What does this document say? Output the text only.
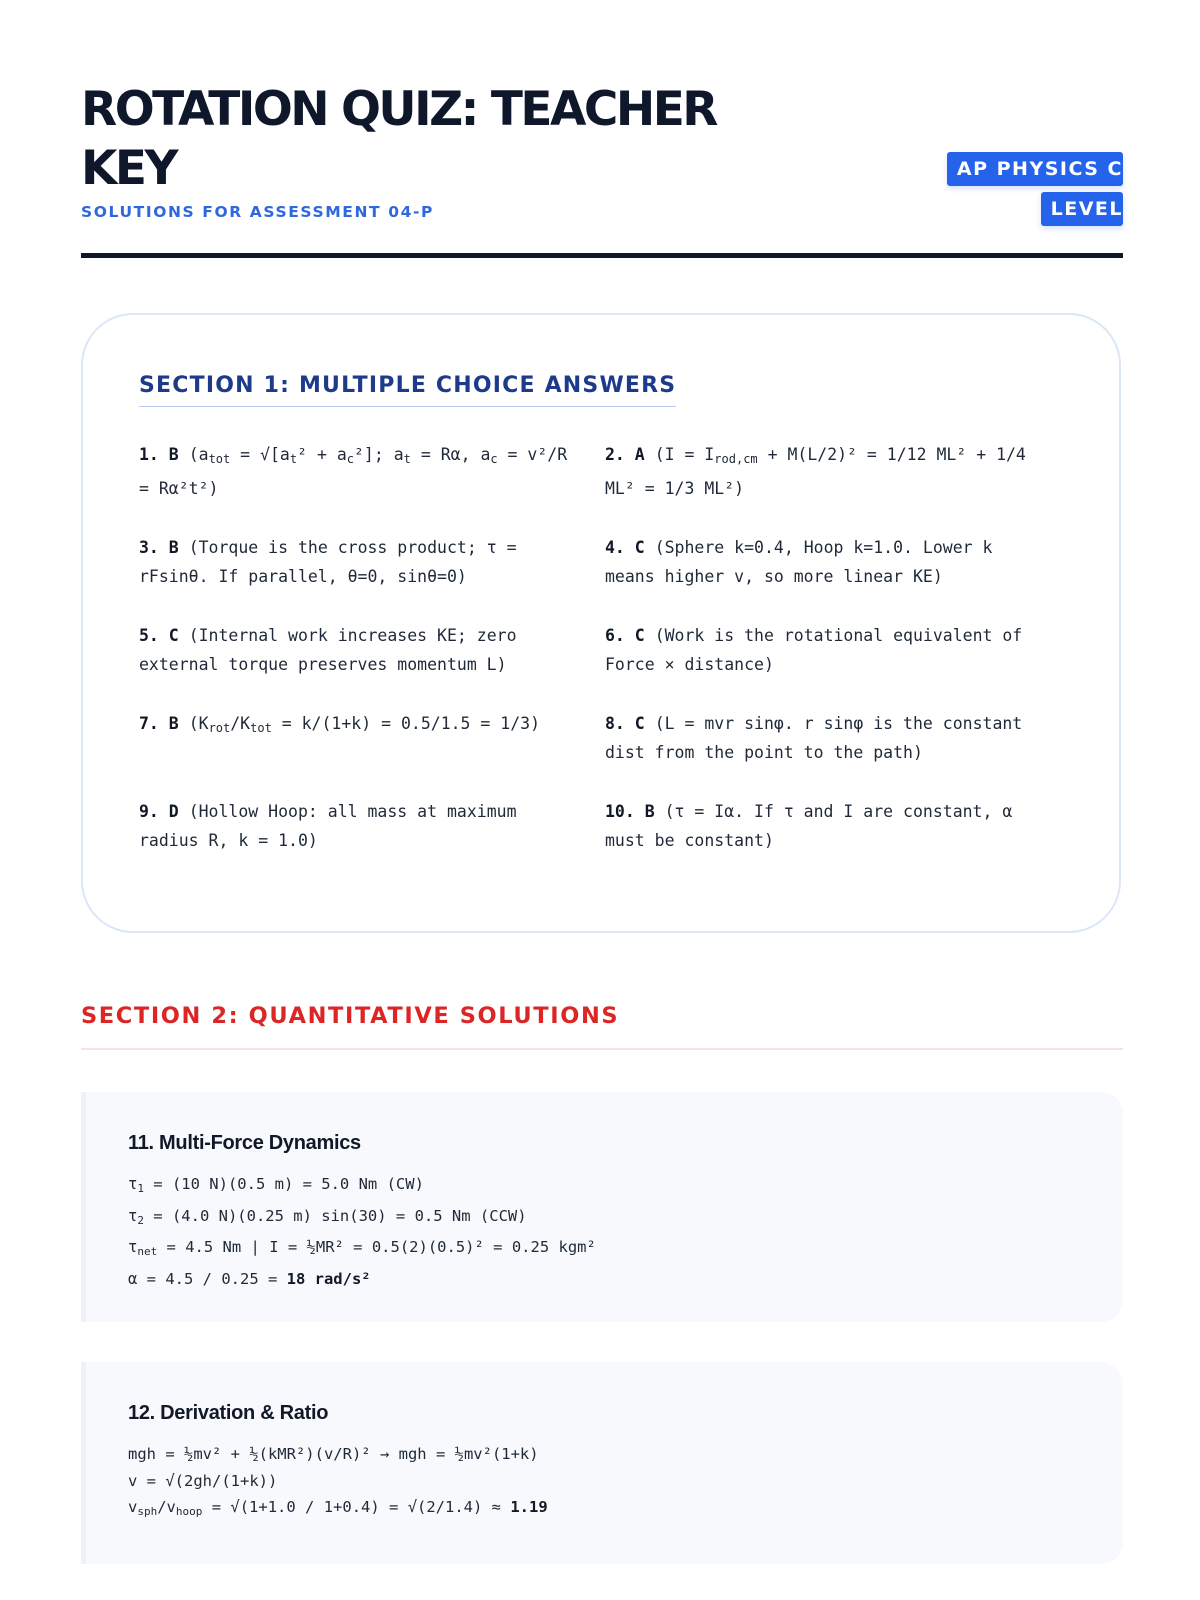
ROTATION QUIZ: TEACHER KEY
SOLUTIONS FOR ASSESSMENT 04-P
AP PHYSICS C LEVEL
SECTION 1: MULTIPLE CHOICE ANSWERS
1. B ($a_{tot} = √[a_t^2 + a_c^2]$; $a_t = R\alpha$, $a_c = v^2/R = R\alpha^2t^2$)
2. A ($I = I_{rod,cm} + M(L/2)^2 = 1/12$ ML² + 1/4 ML² = 1/3 ML²)
3. B (Torque is the cross product; τ = rFsinθ. If parallel, θ=0, sinθ=0)
4. C (Sphere k=0.4, Hoop k=1.0. Lower k means higher v, so more linear KE)
5. C (Internal work increases KE; zero external torque preserves momentum L)
6. C (Work is the rotational equivalent of Force × distance)
7. B $(K_{rot}/K_{tot} = k/(1+k) = 0.5/1.5 = 1/3)$	8. C (L = mvr sinφ. r sinφ is the constant dist from the point to the path)
9. D (Hollow Hoop: all mass at maximum radius R, k = 1.0)
10. B (τ = Iα. If τ and I are constant, α must be constant)
SECTION 2: QUANTITATIVE SOLUTIONS
11. Multi-Force Dynamics
$\tau_1 = (10$ N)(0.5 m) = 5.0 Nm (CW)
$\tau_2 = (4.0$ N)(0.25 m) sin(30) = 0.5 Nm (CCW)
$\tau_{net} = 4.5$ Nm | I = ½MR² = 0.5(2)(0.5)² = 0.25 kgm²
α = 4.5 / 0.25 = 18 rad/s²
12. Derivation & Ratio
mgh = ½mv² + ½(kMR²)(v/R)² → mgh = ½mv²(1+k)
v = √(2gh/(1+k))
$v_{sph}/v_{hoop} = √(1+1.0 / 1+0.4) = √(2/1.4) \approx 1.19$
